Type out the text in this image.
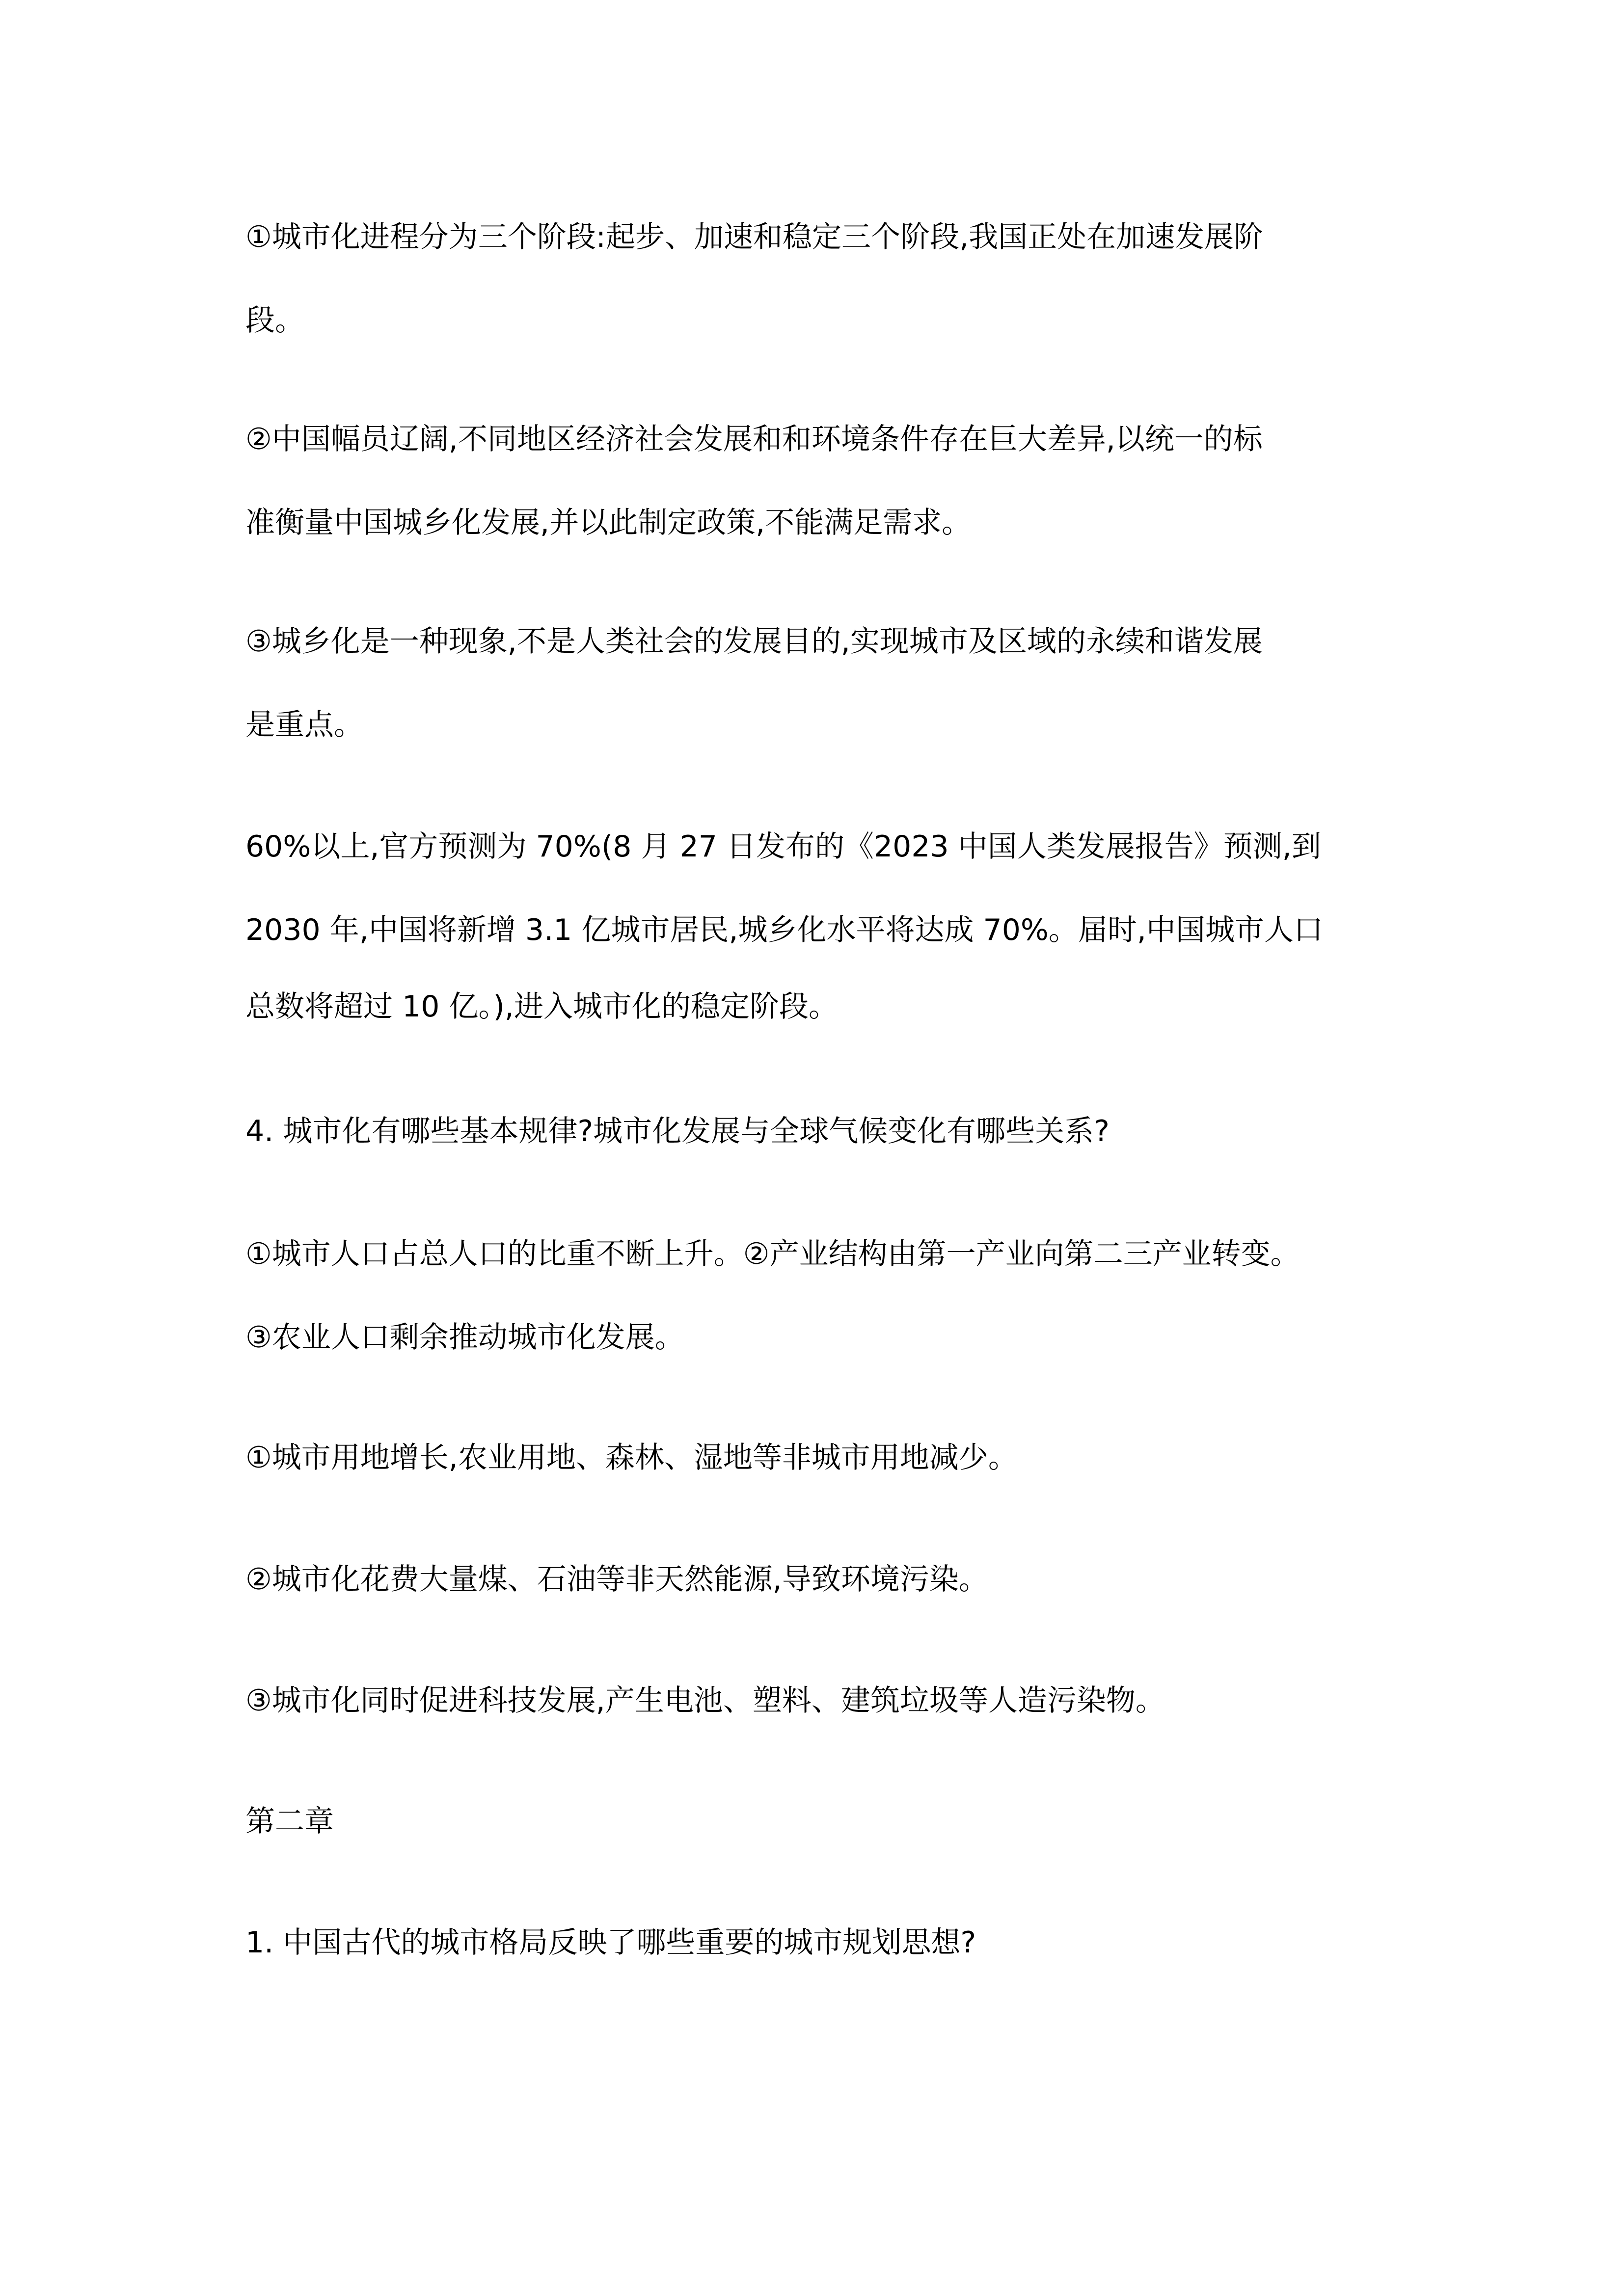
①城市化进程分为三个阶段:起步、加速和稳定三个阶段,我国正处在加速发展阶

段。

②中国幅员辽阔,不同地区经济社会发展和和环境条件存在巨大差异,以统一的标

准衡量中国城乡化发展,并以此制定政策,不能满足需求。

③城乡化是一种现象,不是人类社会的发展目的,实现城市及区域的永续和谐发展

是重点。

60%以上,官方预测为 70%(8 月 27 日发布的《2023 中国人类发展报告》预测,到

2030 年,中国将新增 3.1 亿城市居民,城乡化水平将达成 70%。届时,中国城市人口

总数将超过 10 亿。),进入城市化的稳定阶段。

4. 城市化有哪些基本规律?城市化发展与全球气候变化有哪些关系?

①城市人口占总人口的比重不断上升。②产业结构由第一产业向第二三产业转变。

③农业人口剩余推动城市化发展。

①城市用地增长,农业用地、森林、湿地等非城市用地减少。

②城市化花费大量煤、石油等非天然能源,导致环境污染。

③城市化同时促进科技发展,产生电池、塑料、建筑垃圾等人造污染物。

第二章

1. 中国古代的城市格局反映了哪些重要的城市规划思想?
